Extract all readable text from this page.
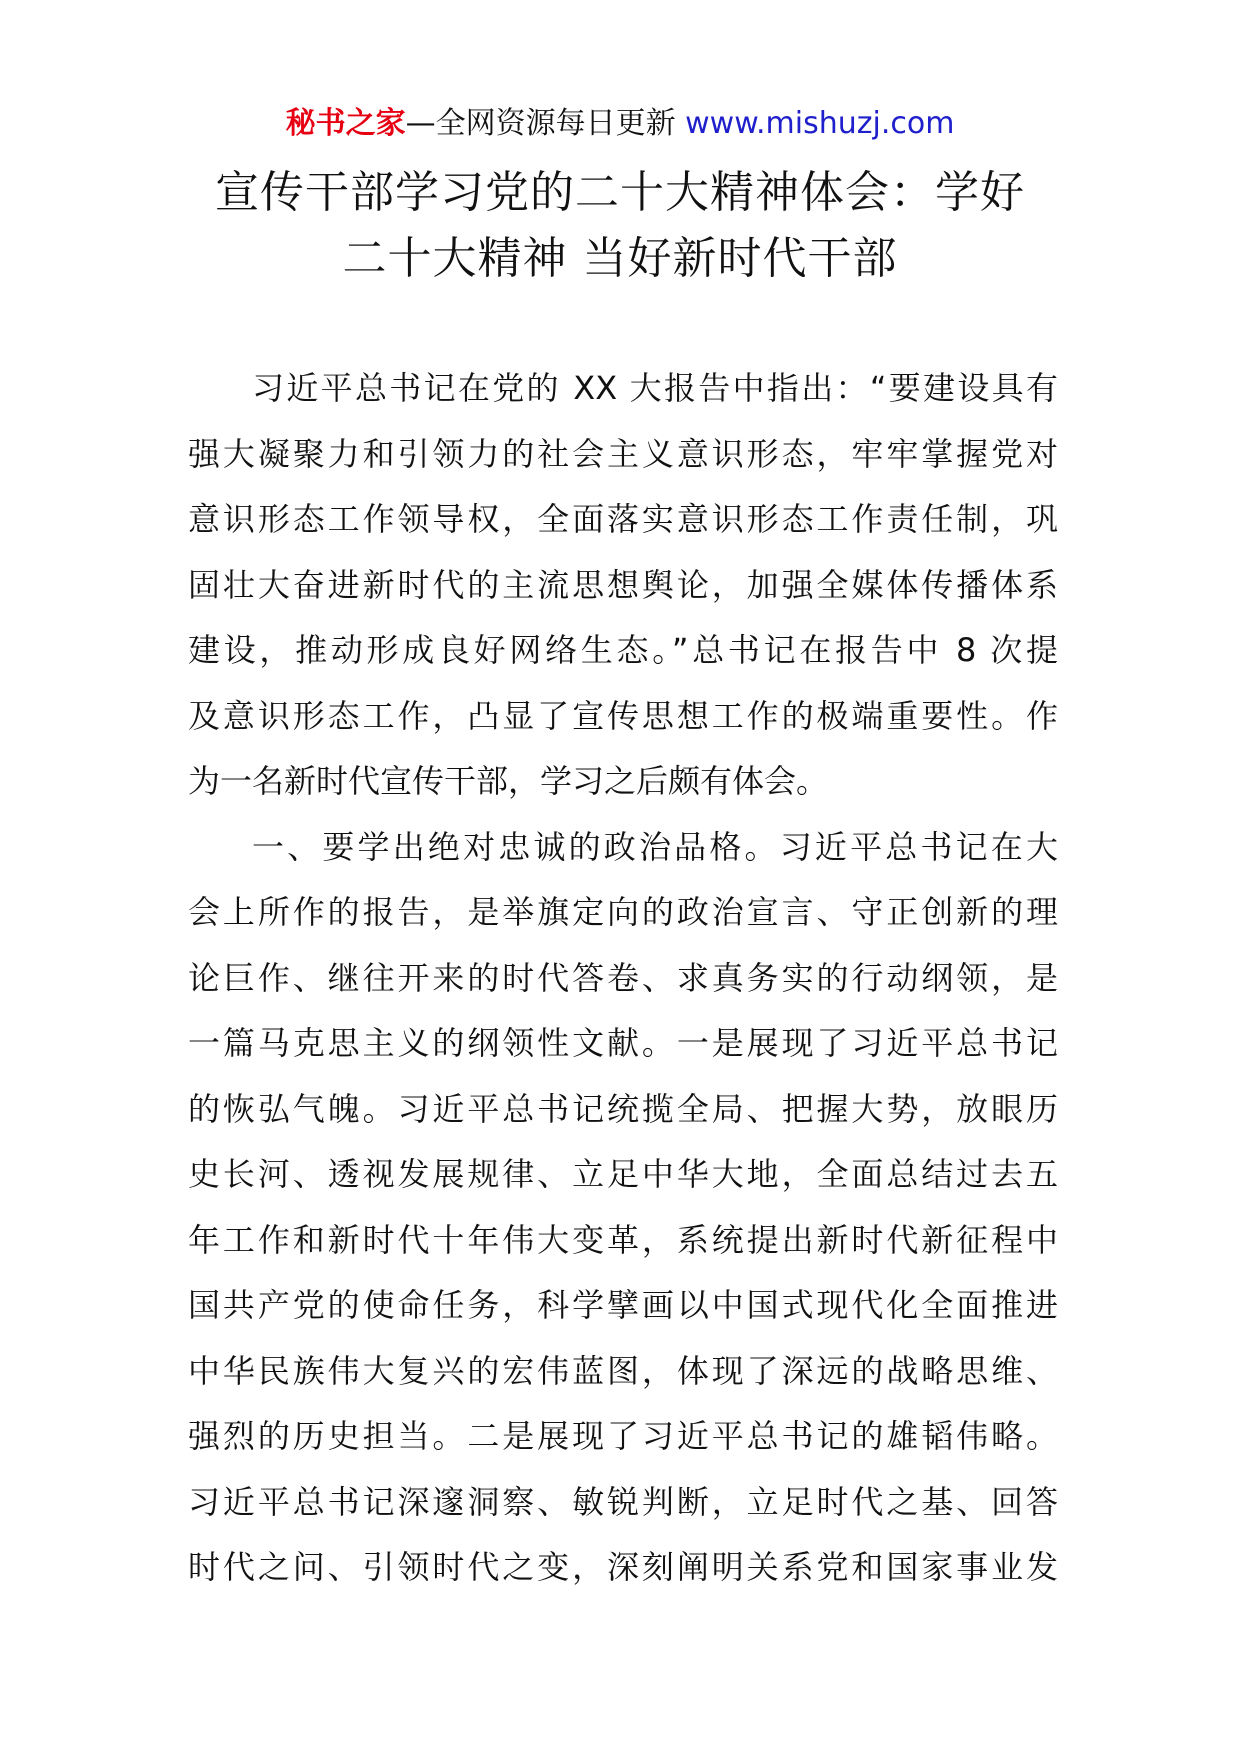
秘书之家—全网资源每日更新 www.mishuzj.com
宣传干部学习党的二十大精神体会：学好
二十大精神 当好新时代干部
习近平总书记在党的 XX 大报告中指出：“要建设具有
强大凝聚力和引领力的社会主义意识形态，牢牢掌握党对
意识形态工作领导权，全面落实意识形态工作责任制，巩
固壮大奋进新时代的主流思想舆论，加强全媒体传播体系
建设，推动形成良好网络生态。”总书记在报告中 8 次提
及意识形态工作，凸显了宣传思想工作的极端重要性。作
为一名新时代宣传干部，学习之后颇有体会。
一、要学出绝对忠诚的政治品格。习近平总书记在大
会上所作的报告，是举旗定向的政治宣言、守正创新的理
论巨作、继往开来的时代答卷、求真务实的行动纲领，是
一篇马克思主义的纲领性文献。一是展现了习近平总书记
的恢弘气魄。习近平总书记统揽全局、把握大势，放眼历
史长河、透视发展规律、立足中华大地，全面总结过去五
年工作和新时代十年伟大变革，系统提出新时代新征程中
国共产党的使命任务，科学擘画以中国式现代化全面推进
中华民族伟大复兴的宏伟蓝图，体现了深远的战略思维、
强烈的历史担当。二是展现了习近平总书记的雄韬伟略。
习近平总书记深邃洞察、敏锐判断，立足时代之基、回答
时代之问、引领时代之变，深刻阐明关系党和国家事业发
